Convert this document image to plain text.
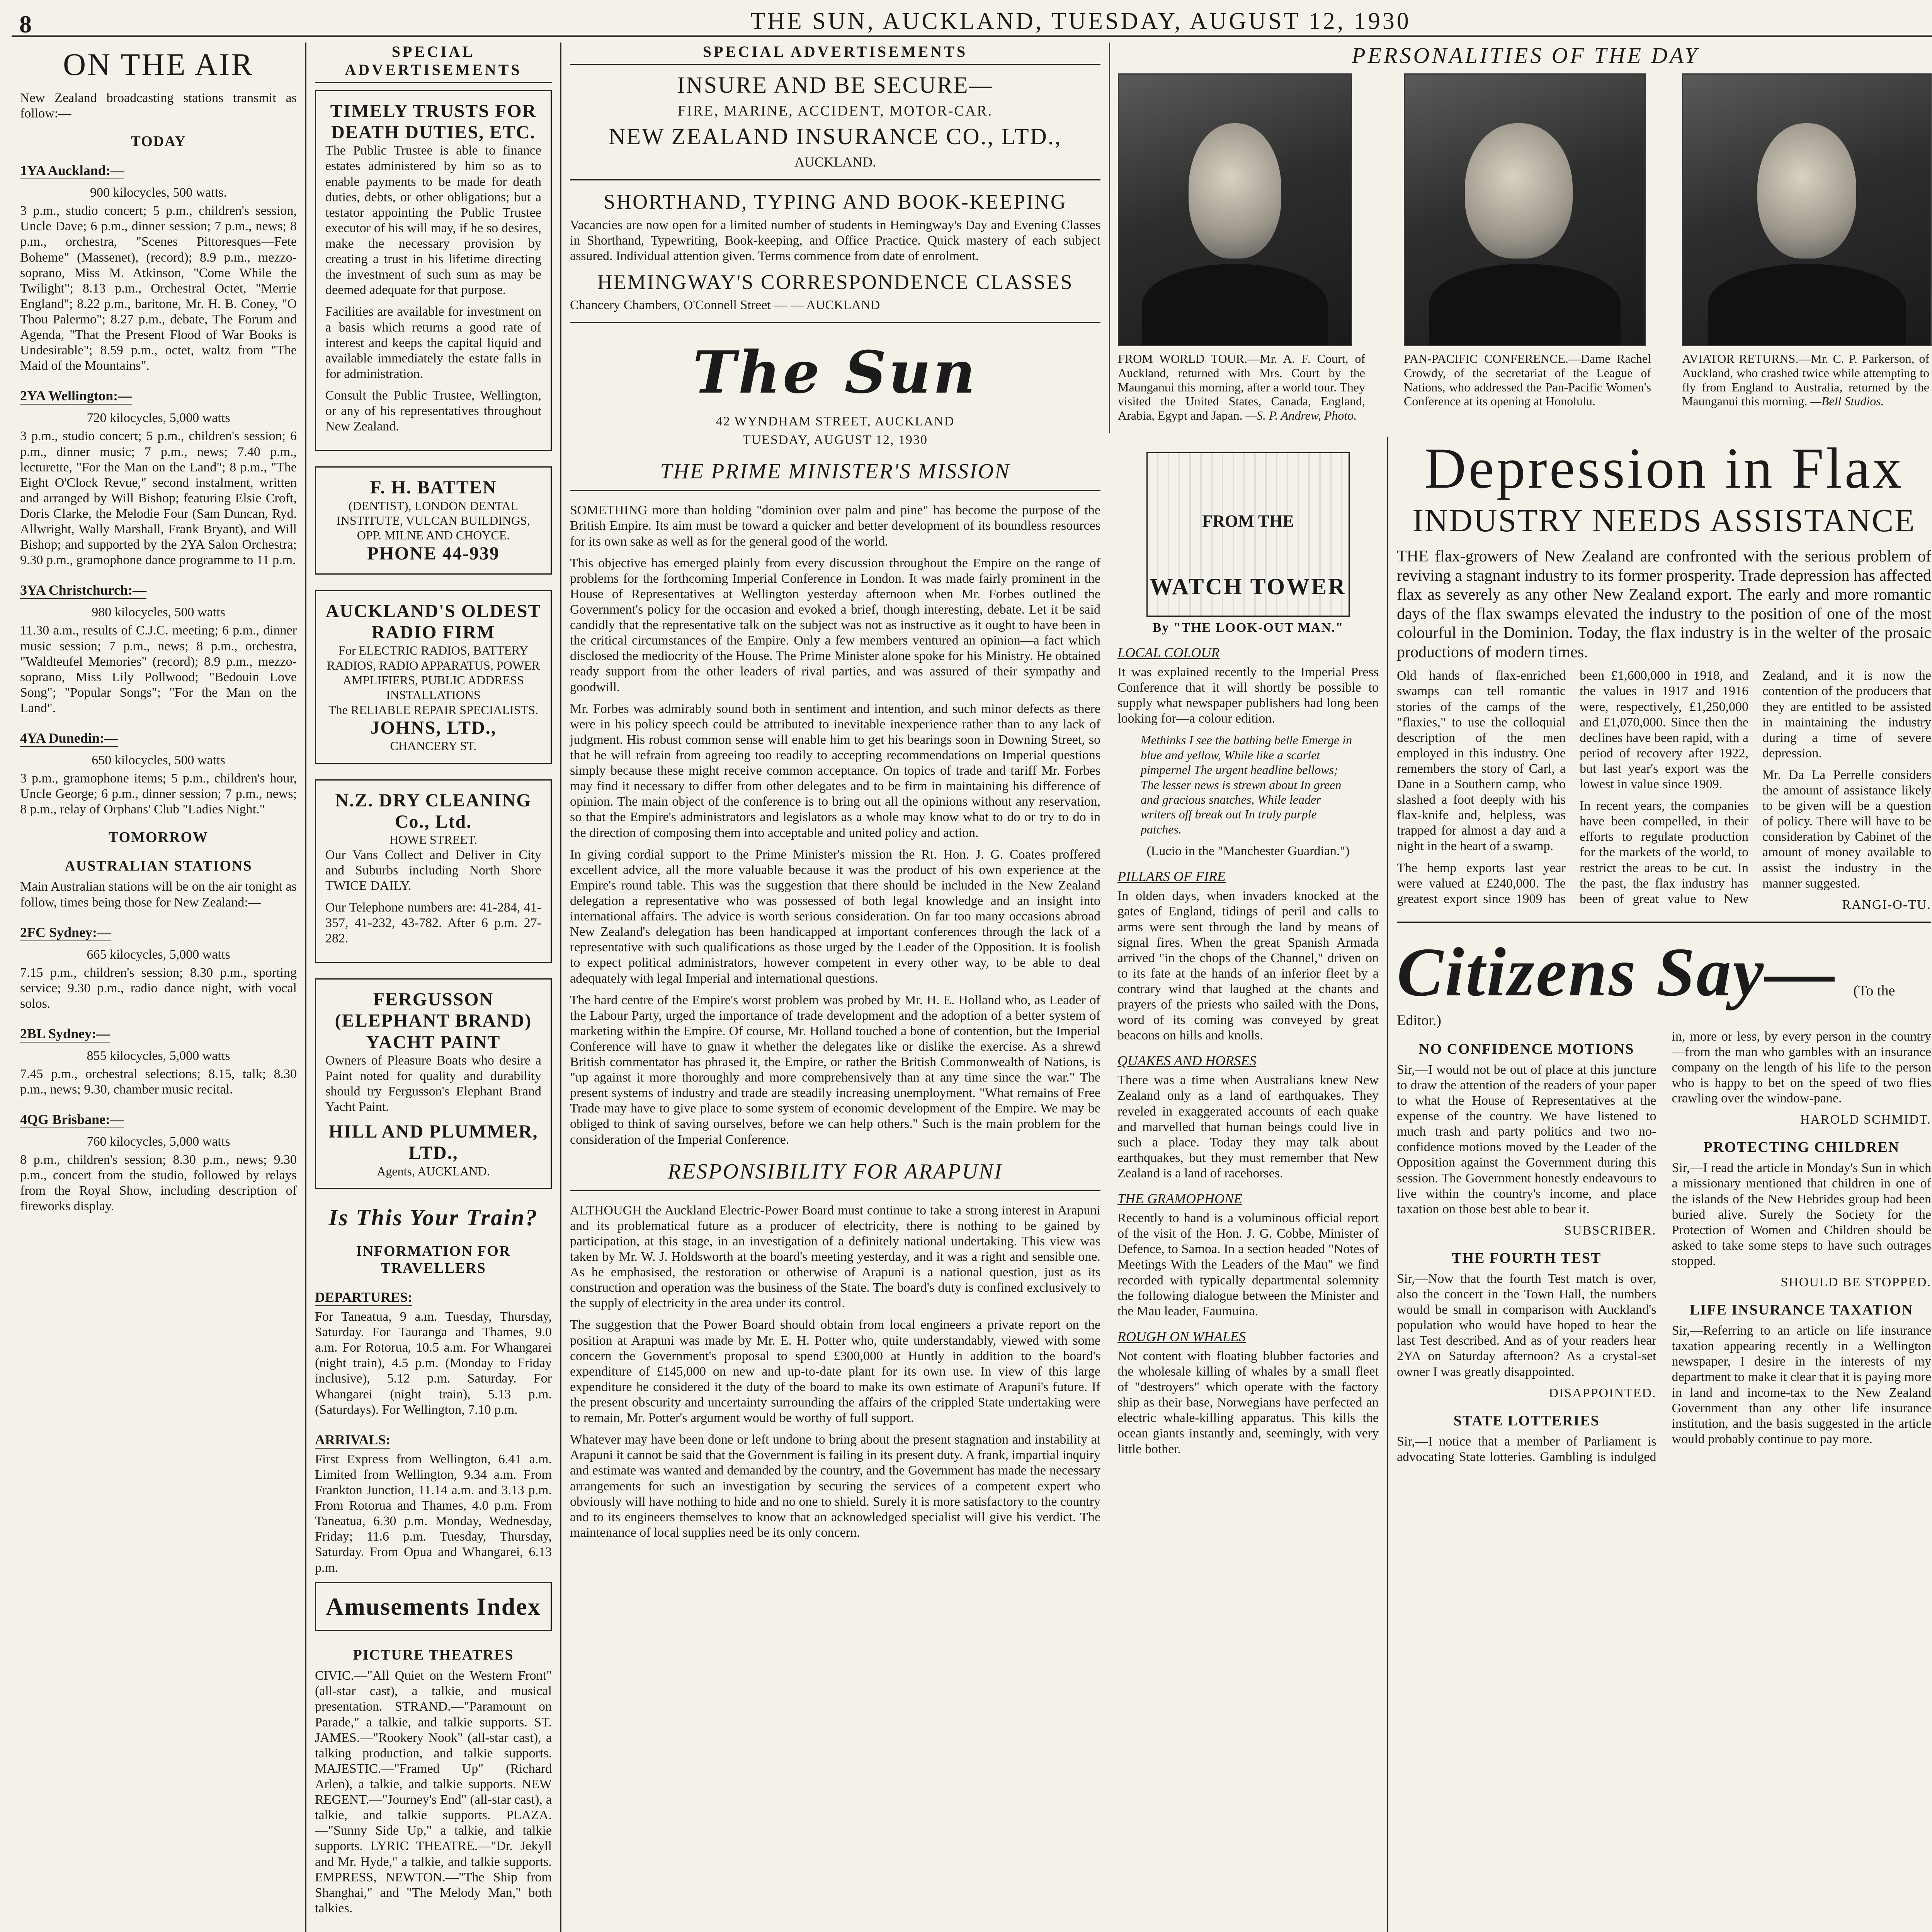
8	THE SUN, AUCKLAND, TUESDAY, AUGUST 12, 1930
ON THE AIR

New Zealand broadcasting stations transmit as follow:—

TODAY
1YA Auckland:—
900 kilocycles, 500 watts.

3 p.m., studio concert; 5 p.m., children's session, Uncle Dave; 6 p.m., dinner session; 7 p.m., news; 8 p.m., orchestra, "Scenes Pittoresques—Fete Boheme" (Massenet), (record); 8.9 p.m., mezzo-soprano, Miss M. Atkinson, "Come While the Twilight"; 8.13 p.m., Orchestral Octet, "Merrie England"; 8.22 p.m., baritone, Mr. H. B. Coney, "O Thou Palermo"; 8.27 p.m., debate, The Forum and Agenda, "That the Present Flood of War Books is Undesirable"; 8.59 p.m., octet, waltz from "The Maid of the Mountains".

2YA Wellington:—
720 kilocycles, 5,000 watts

3 p.m., studio concert; 5 p.m., children's session; 6 p.m., dinner music; 7 p.m., news; 7.40 p.m., lecturette, "For the Man on the Land"; 8 p.m., "The Eight O'Clock Revue," second instalment, written and arranged by Will Bishop; featuring Elsie Croft, Doris Clarke, the Melodie Four (Sam Duncan, Ryd. Allwright, Wally Marshall, Frank Bryant), and Will Bishop; and supported by the 2YA Salon Orchestra; 9.30 p.m., gramophone dance programme to 11 p.m.

3YA Christchurch:—
980 kilocycles, 500 watts

11.30 a.m., results of C.J.C. meeting; 6 p.m., dinner music session; 7 p.m., news; 8 p.m., orchestra, "Waldteufel Memories" (record); 8.9 p.m., mezzo-soprano, Miss Lily Pollwood; "Bedouin Love Song"; "Popular Songs"; "For the Man on the Land".

4YA Dunedin:—
650 kilocycles, 500 watts

3 p.m., gramophone items; 5 p.m., children's hour, Uncle George; 6 p.m., dinner session; 7 p.m., news; 8 p.m., relay of Orphans' Club "Ladies Night."

TOMORROW
AUSTRALIAN STATIONS

Main Australian stations will be on the air tonight as follow, times being those for New Zealand:—

2FC Sydney:—
665 kilocycles, 5,000 watts

7.15 p.m., children's session; 8.30 p.m., sporting service; 9.30 p.m., radio dance night, with vocal solos.

2BL Sydney:—
855 kilocycles, 5,000 watts

7.45 p.m., orchestral selections; 8.15, talk; 8.30 p.m., news; 9.30, chamber music recital.

4QG Brisbane:—
760 kilocycles, 5,000 watts

8 p.m., children's session; 8.30 p.m., news; 9.30 p.m., concert from the studio, followed by relays from the Royal Show, including description of fireworks display.

SPECIAL ADVERTISEMENTS
TIMELY TRUSTS FOR DEATH DUTIES, ETC.

The Public Trustee is able to finance estates administered by him so as to enable payments to be made for death duties, debts, or other obligations; but a testator appointing the Public Trustee executor of his will may, if he so desires, make the necessary provision by creating a trust in his lifetime directing the investment of such sum as may be deemed adequate for that purpose.

Facilities are available for investment on a basis which returns a good rate of interest and keeps the capital liquid and available immediately the estate falls in for administration.

Consult the Public Trustee, Wellington, or any of his representatives throughout New Zealand.

F. H. BATTEN
(DENTIST), LONDON DENTAL INSTITUTE, VULCAN BUILDINGS, OPP. MILNE AND CHOYCE.
PHONE 44-939
AUCKLAND'S OLDEST RADIO FIRM
For ELECTRIC RADIOS, BATTERY RADIOS, RADIO APPARATUS, POWER AMPLIFIERS, PUBLIC ADDRESS INSTALLATIONS
The RELIABLE REPAIR SPECIALISTS.
JOHNS, LTD.,
CHANCERY ST.
N.Z. DRY CLEANING Co., Ltd.
HOWE STREET.

Our Vans Collect and Deliver in City and Suburbs including North Shore TWICE DAILY.

Our Telephone numbers are: 41-284, 41-357, 41-232, 43-782. After 6 p.m. 27-282.

FERGUSSON (ELEPHANT BRAND) YACHT PAINT

Owners of Pleasure Boats who desire a Paint noted for quality and durability should try Fergusson's Elephant Brand Yacht Paint.

HILL AND PLUMMER, LTD.,
Agents, AUCKLAND.
Is This Your Train?
INFORMATION FOR TRAVELLERS
DEPARTURES:

For Taneatua, 9 a.m. Tuesday, Thursday, Saturday. For Tauranga and Thames, 9.0 a.m. For Rotorua, 10.5 a.m. For Whangarei (night train), 4.5 p.m. (Monday to Friday inclusive), 5.12 p.m. Saturday. For Whangarei (night train), 5.13 p.m. (Saturdays). For Wellington, 7.10 p.m.

ARRIVALS:

First Express from Wellington, 6.41 a.m. Limited from Wellington, 9.34 a.m. From Frankton Junction, 11.14 a.m. and 3.13 p.m. From Rotorua and Thames, 4.0 p.m. From Taneatua, 6.30 p.m. Monday, Wednesday, Friday; 11.6 p.m. Tuesday, Thursday, Saturday. From Opua and Whangarei, 6.13 p.m.

Amusements Index
PICTURE THEATRES

CIVIC.—"All Quiet on the Western Front" (all-star cast), a talkie, and musical presentation. STRAND.—"Paramount on Parade," a talkie, and talkie supports. ST. JAMES.—"Rookery Nook" (all-star cast), a talking production, and talkie supports. MAJESTIC.—"Framed Up" (Richard Arlen), a talkie, and talkie supports. NEW REGENT.—"Journey's End" (all-star cast), a talkie, and talkie supports. PLAZA.—"Sunny Side Up," a talkie, and talkie supports. LYRIC THEATRE.—"Dr. Jekyll and Mr. Hyde," a talkie, and talkie supports. EMPRESS, NEWTON.—"The Ship from Shanghai," and "The Melody Man," both talkies.

SPECIAL ADVERTISEMENTS
INSURE AND BE SECURE—
FIRE, MARINE, ACCIDENT, MOTOR-CAR.
NEW ZEALAND INSURANCE CO., LTD.,
AUCKLAND.
SHORTHAND, TYPING AND BOOK-KEEPING

Vacancies are now open for a limited number of students in Hemingway's Day and Evening Classes in Shorthand, Typewriting, Book-keeping, and Office Practice. Quick mastery of each subject assured. Individual attention given. Terms commence from date of enrolment.

HEMINGWAY'S CORRESPONDENCE CLASSES
Chancery Chambers, O'Connell Street — — AUCKLAND
The Sun
42 WYNDHAM STREET, AUCKLAND
TUESDAY, AUGUST 12, 1930
THE PRIME MINISTER'S MISSION

SOMETHING more than holding "dominion over palm and pine" has become the purpose of the British Empire. Its aim must be toward a quicker and better development of its boundless resources for its own sake as well as for the general good of the world.

This objective has emerged plainly from every discussion throughout the Empire on the range of problems for the forthcoming Imperial Conference in London. It was made fairly prominent in the House of Representatives at Wellington yesterday afternoon when Mr. Forbes outlined the Government's policy for the occasion and evoked a brief, though interesting, debate. Let it be said candidly that the representative talk on the subject was not as instructive as it ought to have been in the critical circumstances of the Empire. Only a few members ventured an opinion—a fact which disclosed the mediocrity of the House. The Prime Minister alone spoke for his Ministry. He obtained ready support from the other leaders of rival parties, and was assured of their sympathy and goodwill.

Mr. Forbes was admirably sound both in sentiment and intention, and such minor defects as there were in his policy speech could be attributed to inevitable inexperience rather than to any lack of judgment. His robust common sense will enable him to get his bearings soon in Downing Street, so that he will refrain from agreeing too readily to accepting recommendations on Imperial questions simply because these might receive common acceptance. On topics of trade and tariff Mr. Forbes may find it necessary to differ from other delegates and to be firm in maintaining his difference of opinion. The main object of the conference is to bring out all the opinions without any reservation, so that the Empire's administrators and legislators as a whole may know what to do or try to do in the direction of composing them into acceptable and united policy and action.

In giving cordial support to the Prime Minister's mission the Rt. Hon. J. G. Coates proffered excellent advice, all the more valuable because it was the product of his own experience at the Empire's round table. This was the suggestion that there should be included in the New Zealand delegation a representative who was possessed of both legal knowledge and an insight into international affairs. The advice is worth serious consideration. On far too many occasions abroad New Zealand's delegation has been handicapped at important conferences through the lack of a representative with such qualifications as those urged by the Leader of the Opposition. It is foolish to expect political administrators, however competent in every other way, to be able to deal adequately with legal Imperial and international questions.

The hard centre of the Empire's worst problem was probed by Mr. H. E. Holland who, as Leader of the Labour Party, urged the importance of trade development and the adoption of a better system of marketing within the Empire. Of course, Mr. Holland touched a bone of contention, but the Imperial Conference will have to gnaw it whether the delegates like or dislike the exercise. As a shrewd British commentator has phrased it, the Empire, or rather the British Commonwealth of Nations, is "up against it more thoroughly and more comprehensively than at any time since the war." The present systems of industry and trade are steadily increasing unemployment. "What remains of Free Trade may have to give place to some system of economic development of the Empire. We may be obliged to think of saving ourselves, before we can help others." Such is the main problem for the consideration of the Imperial Conference.

RESPONSIBILITY FOR ARAPUNI

ALTHOUGH the Auckland Electric-Power Board must continue to take a strong interest in Arapuni and its problematical future as a producer of electricity, there is nothing to be gained by participation, at this stage, in an investigation of a definitely national undertaking. This view was taken by Mr. W. J. Holdsworth at the board's meeting yesterday, and it was a right and sensible one. As he emphasised, the restoration or otherwise of Arapuni is a national question, just as its construction and operation was the business of the State. The board's duty is confined exclusively to the supply of electricity in the area under its control.

The suggestion that the Power Board should obtain from local engineers a private report on the position at Arapuni was made by Mr. E. H. Potter who, quite understandably, viewed with some concern the Government's proposal to spend £300,000 at Huntly in addition to the board's expenditure of £145,000 on new and up-to-date plant for its own use. In view of this large expenditure he considered it the duty of the board to make its own estimate of Arapuni's future. If the present obscurity and uncertainty surrounding the affairs of the crippled State undertaking were to remain, Mr. Potter's argument would be worthy of full support.

Whatever may have been done or left undone to bring about the present stagnation and instability at Arapuni it cannot be said that the Government is failing in its present duty. A frank, impartial inquiry and estimate was wanted and demanded by the country, and the Government has made the necessary arrangements for such an investigation by securing the services of a competent expert who obviously will have nothing to hide and no one to shield. Surely it is more satisfactory to the country and to its engineers themselves to know that an acknowledged specialist will give his verdict. The maintenance of local supplies need be its only concern.

PERSONALITIES OF THE DAY
FROM WORLD TOUR.—Mr. A. F. Court, of Auckland, returned with Mrs. Court by the Maunganui this morning, after a world tour. They visited the United States, Canada, England, Arabia, Egypt and Japan. —S. P. Andrew, Photo.
PAN-PACIFIC CONFERENCE.—Dame Rachel Crowdy, of the secretariat of the League of Nations, who addressed the Pan-Pacific Women's Conference at its opening at Honolulu.
AVIATOR RETURNS.—Mr. C. P. Parkerson, of Auckland, who crashed twice while attempting to fly from England to Australia, returned by the Maunganui this morning. —Bell Studios.
FROM THE
WATCH TOWER
By "THE LOOK-OUT MAN."
LOCAL COLOUR

It was explained recently to the Imperial Press Conference that it will shortly be possible to supply what newspaper publishers had long been looking for—a colour edition.

Methinks I see the bathing belle Emerge in blue and yellow, While like a scarlet pimpernel The urgent headline bellows; The lesser news is strewn about In green and gracious snatches, While leader writers off break out In truly purple patches.

(Lucio in the "Manchester Guardian.")

PILLARS OF FIRE

In olden days, when invaders knocked at the gates of England, tidings of peril and calls to arms were sent through the land by means of signal fires. When the great Spanish Armada arrived "in the chops of the Channel," driven on to its fate at the hands of an inferior fleet by a contrary wind that laughed at the chants and prayers of the priests who sailed with the Dons, word of its coming was conveyed by great beacons on hills and knolls.

QUAKES AND HORSES

There was a time when Australians knew New Zealand only as a land of earthquakes. They reveled in exaggerated accounts of each quake and marvelled that human beings could live in such a place. Today they may talk about earthquakes, but they must remember that New Zealand is a land of racehorses.

THE GRAMOPHONE

Recently to hand is a voluminous official report of the visit of the Hon. J. G. Cobbe, Minister of Defence, to Samoa. In a section headed "Notes of Meetings With the Leaders of the Mau" we find recorded with typically departmental solemnity the following dialogue between the Minister and the Mau leader, Faumuina.

ROUGH ON WHALES

Not content with floating blubber factories and the wholesale killing of whales by a small fleet of "destroyers" which operate with the factory ship as their base, Norwegians have perfected an electric whale-killing apparatus. This kills the ocean giants instantly and, seemingly, with very little bother.

Depression in Flax
INDUSTRY NEEDS ASSISTANCE

THE flax-growers of New Zealand are confronted with the serious problem of reviving a stagnant industry to its former prosperity. Trade depression has affected flax as severely as any other New Zealand export. The early and more romantic days of the flax swamps elevated the industry to the position of one of the most colourful in the Dominion. Today, the flax industry is in the welter of the prosaic productions of modern times.

Old hands of flax-enriched swamps can tell romantic stories of the camps of the "flaxies," to use the colloquial description of the men employed in this industry. One remembers the story of Carl, a Dane in a Southern camp, who slashed a foot deeply with his flax-knife and, helpless, was trapped for almost a day and a night in the heart of a swamp.

The hemp exports last year were valued at £240,000. The greatest export since 1909 has been £1,600,000 in 1918, and the values in 1917 and 1916 were, respectively, £1,250,000 and £1,070,000. Since then the declines have been rapid, with a period of recovery after 1922, but last year's export was the lowest in value since 1909.

In recent years, the companies have been compelled, in their efforts to regulate production for the markets of the world, to restrict the areas to be cut. In the past, the flax industry has been of great value to New Zealand, and it is now the contention of the producers that they are entitled to be assisted in maintaining the industry during a time of severe depression.

Mr. Da La Perrelle considers the amount of assistance likely to be given will be a question of policy. There will have to be consideration by Cabinet of the amount of money available to assist the industry in the manner suggested.

RANGI-O-TU.
Citizens Say— (To the Editor.)
NO CONFIDENCE MOTIONS

Sir,—I would not be out of place at this juncture to draw the attention of the readers of your paper to what the House of Representatives at the expense of the country. We have listened to much trash and party politics and two no-confidence motions moved by the Leader of the Opposition against the Government during this session. The Government honestly endeavours to live within the country's income, and place taxation on those best able to bear it.

SUBSCRIBER.
THE FOURTH TEST

Sir,—Now that the fourth Test match is over, also the concert in the Town Hall, the numbers would be small in comparison with Auckland's population who would have hoped to hear the last Test described. And as of your readers hear 2YA on Saturday afternoon? As a crystal-set owner I was greatly disappointed.

DISAPPOINTED.
STATE LOTTERIES

Sir,—I notice that a member of Parliament is advocating State lotteries. Gambling is indulged in, more or less, by every person in the country—from the man who gambles with an insurance company on the length of his life to the person who is happy to bet on the speed of two flies crawling over the window-pane.

HAROLD SCHMIDT.
PROTECTING CHILDREN

Sir,—I read the article in Monday's Sun in which a missionary mentioned that children in one of the islands of the New Hebrides group had been buried alive. Surely the Society for the Protection of Women and Children should be asked to take some steps to have such outrages stopped.

SHOULD BE STOPPED.
LIFE INSURANCE TAXATION

Sir,—Referring to an article on life insurance taxation appearing recently in a Wellington newspaper, I desire in the interests of my department to make it clear that it is paying more in land and income-tax to the New Zealand Government than any other life insurance institution, and the basis suggested in the article would probably continue to pay more.
